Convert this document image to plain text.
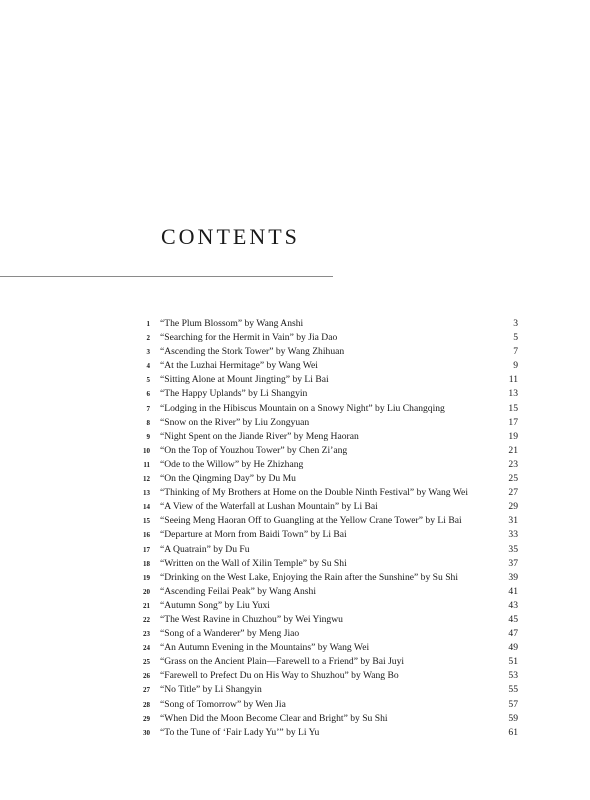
CONTENTS
1 “The Plum Blossom” by Wang Anshi	3
2 “Searching for the Hermit in Vain” by Jia Dao	5
3 “Ascending the Stork Tower” by Wang Zhihuan	7
4 “At the Luzhai Hermitage” by Wang Wei	9
5 “Sitting Alone at Mount Jingting” by Li Bai	11
6 “The Happy Uplands” by Li Shangyin	13
7 “Lodging in the Hibiscus Mountain on a Snowy Night” by Liu Changqing	15
8 “Snow on the River” by Liu Zongyuan	17
9 “Night Spent on the Jiande River” by Meng Haoran	19
10 “On the Top of Youzhou Tower” by Chen Zi’ang	21
11 “Ode to the Willow” by He Zhizhang	23
12 “On the Qingming Day” by Du Mu	25
13 “Thinking of My Brothers at Home on the Double Ninth Festival” by Wang Wei	27
14 “A View of the Waterfall at Lushan Mountain” by Li Bai	29
15 “Seeing Meng Haoran Off to Guangling at the Yellow Crane Tower” by Li Bai	31
16 “Departure at Morn from Baidi Town” by Li Bai	33
17 “A Quatrain” by Du Fu	35
18 “Written on the Wall of Xilin Temple” by Su Shi	37
19 “Drinking on the West Lake, Enjoying the Rain after the Sunshine” by Su Shi	39
20 “Ascending Feilai Peak” by Wang Anshi	41
21 “Autumn Song” by Liu Yuxi	43
22 “The West Ravine in Chuzhou” by Wei Yingwu	45
23 “Song of a Wanderer” by Meng Jiao	47
24 “An Autumn Evening in the Mountains” by Wang Wei	49
25 “Grass on the Ancient Plain—Farewell to a Friend” by Bai Juyi	51
26 “Farewell to Prefect Du on His Way to Shuzhou” by Wang Bo	53
27 “No Title” by Li Shangyin	55
28 “Song of Tomorrow” by Wen Jia	57
29 “When Did the Moon Become Clear and Bright” by Su Shi	59
30 “To the Tune of ‘Fair Lady Yu’” by Li Yu	61
